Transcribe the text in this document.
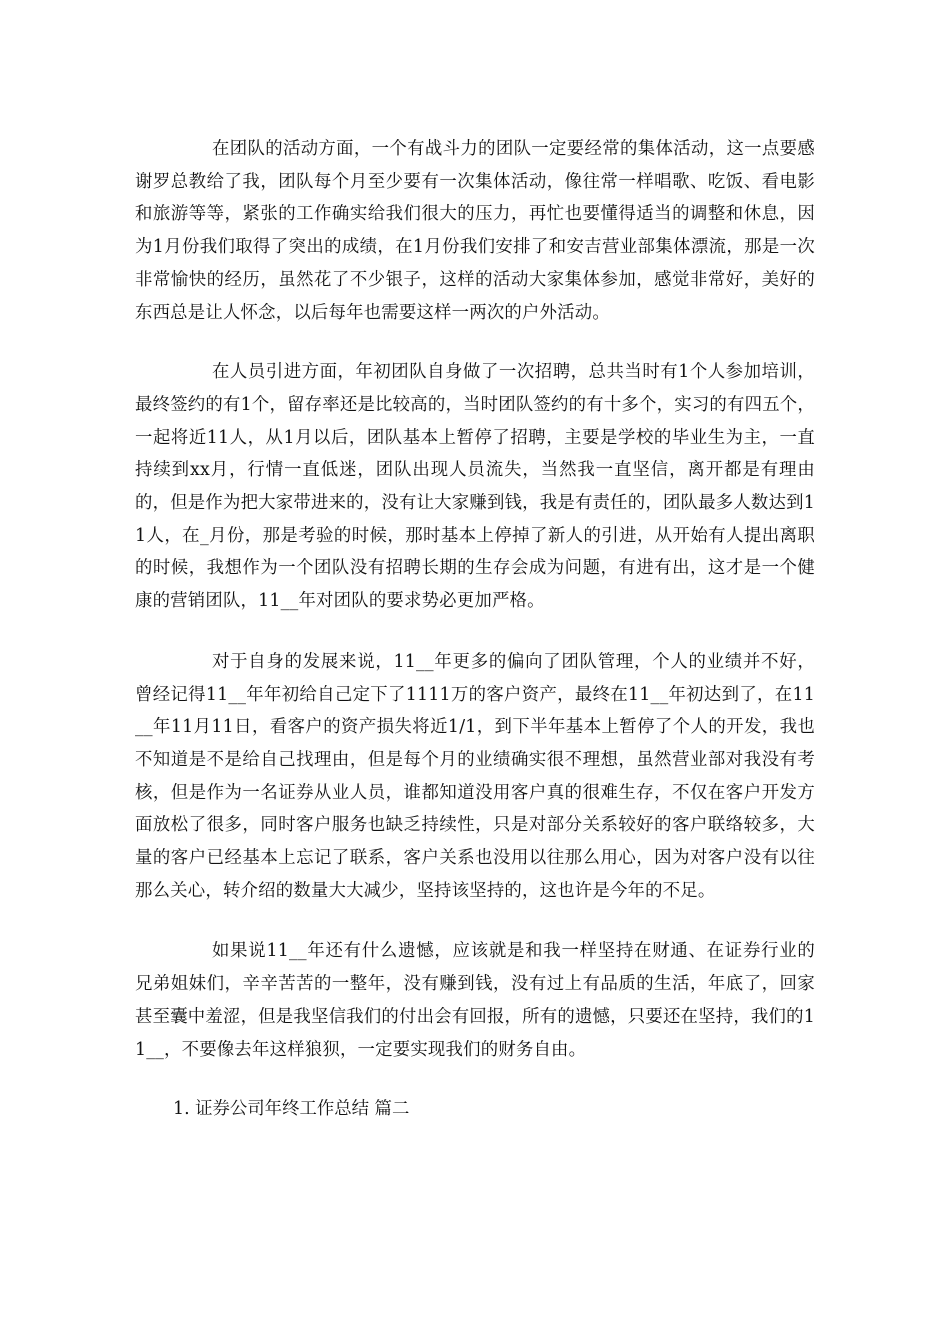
在团队的活动方面，一个有战斗力的团队一定要经常的集体活动，这一点要感谢罗总教给了我，团队每个月至少要有一次集体活动，像往常一样唱歌、吃饭、看电影和旅游等等，紧张的工作确实给我们很大的压力，再忙也要懂得适当的调整和休息，因为1月份我们取得了突出的成绩，在1月份我们安排了和安吉营业部集体漂流，那是一次非常愉快的经历，虽然花了不少银子，这样的活动大家集体参加，感觉非常好，美好的东西总是让人怀念，以后每年也需要这样一两次的户外活动。

在人员引进方面，年初团队自身做了一次招聘，总共当时有1个人参加培训，最终签约的有1个，留存率还是比较高的，当时团队签约的有十多个，实习的有四五个，一起将近11人，从1月以后，团队基本上暂停了招聘，主要是学校的毕业生为主，一直持续到xx月，行情一直低迷，团队出现人员流失，当然我一直坚信，离开都是有理由的，但是作为把大家带进来的，没有让大家赚到钱，我是有责任的，团队最多人数达到11人，在_月份，那是考验的时候，那时基本上停掉了新人的引进，从开始有人提出离职的时候，我想作为一个团队没有招聘长期的生存会成为问题，有进有出，这才是一个健康的营销团队，11__年对团队的要求势必更加严格。

对于自身的发展来说，11__年更多的偏向了团队管理，个人的业绩并不好，曾经记得11__年年初给自己定下了1111万的客户资产，最终在11__年初达到了，在11__年11月11日，看客户的资产损失将近1/1，到下半年基本上暂停了个人的开发，我也不知道是不是给自己找理由，但是每个月的业绩确实很不理想，虽然营业部对我没有考核，但是作为一名证券从业人员，谁都知道没用客户真的很难生存，不仅在客户开发方面放松了很多，同时客户服务也缺乏持续性，只是对部分关系较好的客户联络较多，大量的客户已经基本上忘记了联系，客户关系也没用以往那么用心，因为对客户没有以往那么关心，转介绍的数量大大减少，坚持该坚持的，这也许是今年的不足。

如果说11__年还有什么遗憾，应该就是和我一样坚持在财通、在证券行业的兄弟姐妹们，辛辛苦苦的一整年，没有赚到钱，没有过上有品质的生活，年底了，回家甚至囊中羞涩，但是我坚信我们的付出会有回报，所有的遗憾，只要还在坚持，我们的11__，不要像去年这样狼狈，一定要实现我们的财务自由。

1. 证券公司年终工作总结 篇二
